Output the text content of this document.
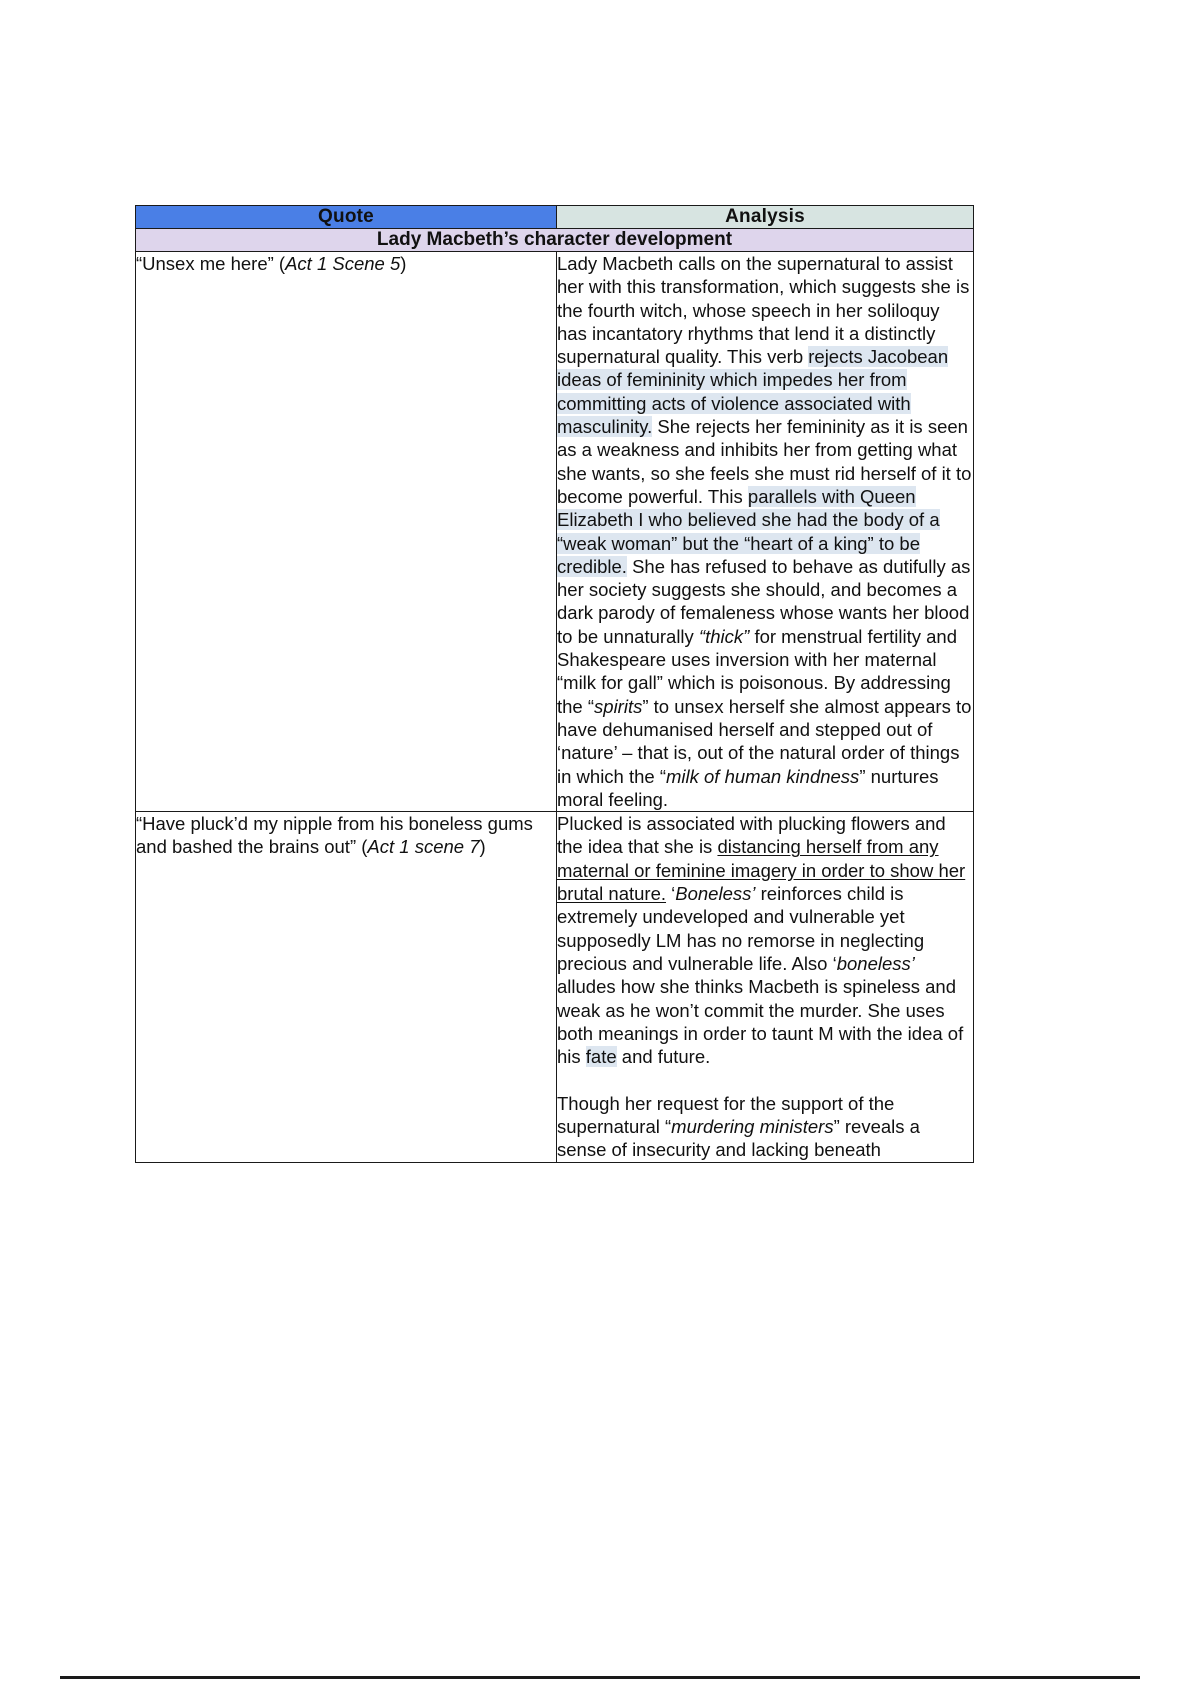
Quote	Analysis
Lady Macbeth’s character development	

“Unsex me here” (Act 1 Scene 5)	Lady Macbeth calls on the supernatural to assist her with this transformation, which suggests she is the fourth witch, whose speech in her soliloquy has incantatory rhythms that lend it a distinctly supernatural quality. This verb rejects Jacobean ideas of femininity which impedes her from committing acts of violence associated with masculinity. She rejects her femininity as it is seen as a weakness and inhibits her from getting what she wants, so she feels she must rid herself of it to become powerful. This parallels with Queen Elizabeth I who believed she had the body of a “weak woman” but the “heart of a king” to be credible. She has refused to behave as dutifully as her society suggests she should, and becomes a dark parody of femaleness whose wants her blood to be unnaturally “thick” for menstrual fertility and Shakespeare uses inversion with her maternal “milk for gall” which is poisonous. By addressing the “spirits” to unsex herself she almost appears to have dehumanised herself and stepped out of ‘nature’ – that is, out of the natural order of things in which the “milk of human kindness” nurtures moral feeling.

“Have pluck’d my nipple from his boneless gums and bashed the brains out” (Act 1 scene 7)	Plucked is associated with plucking flowers and the idea that she is distancing herself from any maternal or feminine imagery in order to show her brutal nature. ‘Boneless’ reinforces child is extremely undeveloped and vulnerable yet supposedly LM has no remorse in neglecting precious and vulnerable life. Also ‘boneless’ alludes how she thinks Macbeth is spineless and weak as he won’t commit the murder. She uses both meanings in order to taunt M with the idea of his fate and future.

Though her request for the support of the supernatural “murdering ministers” reveals a sense of insecurity and lacking beneath
